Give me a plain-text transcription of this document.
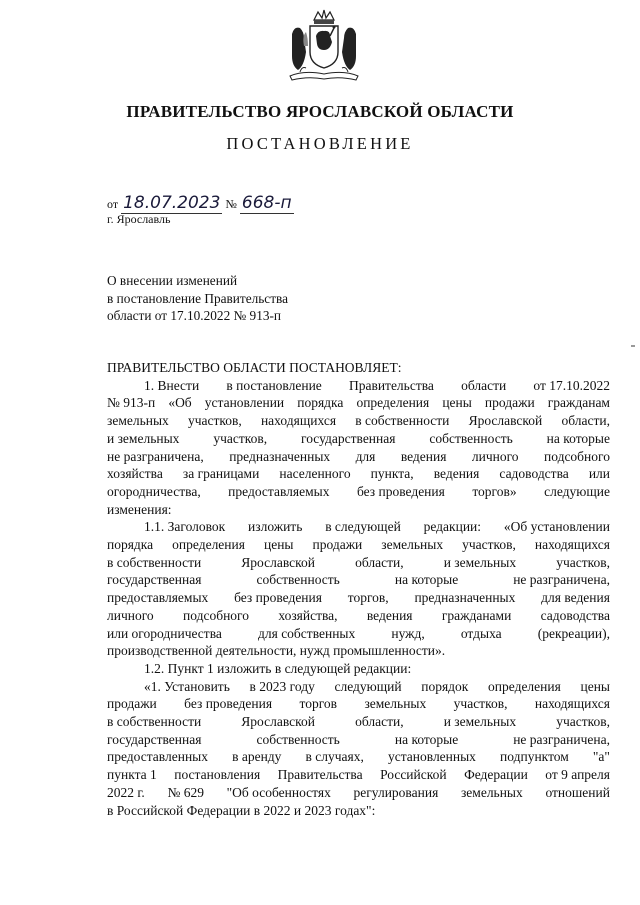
ПРАВИТЕЛЬСТВО ЯРОСЛАВСКОЙ ОБЛАСТИ
ПОСТАНОВЛЕНИЕ
от 18.07.2023 № 668-п
г. Ярославль
О внесении изменений
в постановление Правительства
области от 17.10.2022 № 913-п
ПРАВИТЕЛЬСТВО ОБЛАСТИ ПОСТАНОВЛЯЕТ:
1. Внести в постановление Правительства области от 17.10.2022
№ 913-п «Об установлении порядка определения цены продажи гражданам
земельных участков, находящихся в собственности Ярославской области,
и земельных	участков,	государственная	собственность	на которые
не разграничена, предназначенных для ведения личного подсобного
хозяйства за границами населенного пункта, ведения садоводства или
огородничества, предоставляемых без проведения торгов» следующие
изменения:
1.1. Заголовок изложить в следующей редакции: «Об установлении
порядка определения цены продажи земельных участков, находящихся
в собственности	Ярославской	области,	и земельных	участков,
государственная	собственность	на которые	не разграничена,
предоставляемых без проведения торгов, предназначенных для ведения
личного подсобного хозяйства, ведения гражданами садоводства
или огородничества	для собственных	нужд,	отдыха	(рекреации),
производственной деятельности, нужд промышленности».
1.2. Пункт 1 изложить в следующей редакции:
«1. Установить в 2023 году следующий порядок определения цены
продажи без проведения торгов земельных участков, находящихся
в собственности	Ярославской	области,	и земельных	участков,
государственная	собственность	на которые	не разграничена,
предоставленных в аренду в случаях, установленных подпунктом "а"
пункта 1 постановления Правительства Российской Федерации от 9 апреля
2022 г. № 629 "Об особенностях регулирования земельных отношений
в Российской Федерации в 2022 и 2023 годах":
